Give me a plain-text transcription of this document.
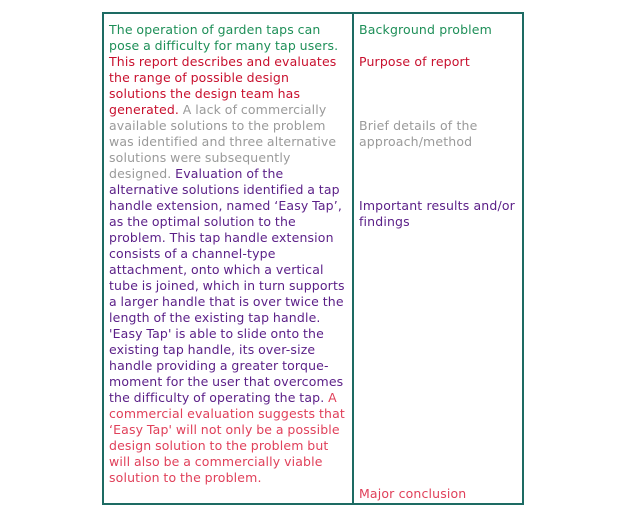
The operation of garden taps can pose a difficulty for many tap users. This report describes and evaluates the range of possible design solutions the design team has generated. A lack of commercially available solutions to the problem was identified and three alternative solutions were subsequently designed. Evaluation of the alternative solutions identified a tap handle extension, named ‘Easy Tap’, as the optimal solution to the problem. This tap handle extension consists of a channel-type attachment, onto which a vertical tube is joined, which in turn supports a larger handle that is over twice the length of the existing tap handle. 'Easy Tap' is able to slide onto the existing tap handle, its over-size handle providing a greater torque-moment for the user that overcomes the difficulty of operating the tap. A commercial evaluation suggests that ‘Easy Tap' will not only be a possible design solution to the problem but will also be a commercially viable solution to the problem.

Background problem

Purpose of report

Brief details of the approach/method

Important results and/or findings

Major conclusion
